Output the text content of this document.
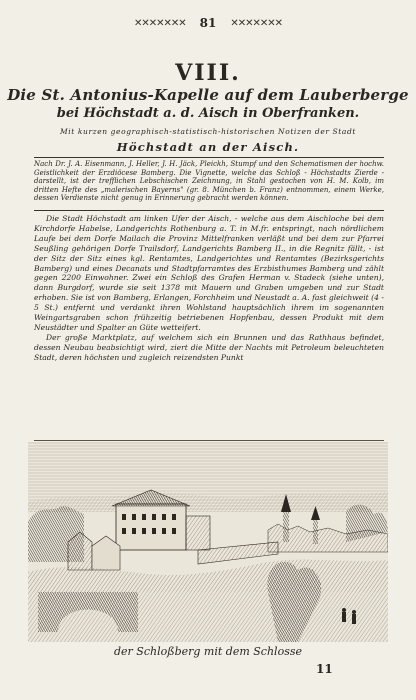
✕✕✕✕✕✕✕ 81 ✕✕✕✕✕✕✕
VIII.
Die St. Antonius-Kapelle auf dem Lauberberge
bei Höchstadt a. d. Aisch in Oberfranken.
Mit kurzen geographisch-statistisch-historischen Notizen der Stadt
Höchstadt an der Aisch.

Nach Dr. J. A. Eisenmann, J. Heller, J. H. Jäck, Pleickh, Stumpf und den Schematismen der hochw. Geistlichkeit der Erzdiöcese Bamberg. Die Vignette, welche das Schloß - Höchstadts Zierde - darstellt, ist der trefflichen Lebschischen Zeichnung, in Stahl gestochen von H. M. Kolb, im dritten Hefte des „malerischen Bayerns" (gr. 8. München b. Franz) entnommen, einem Werke, dessen Verdienste nicht genug in Erinnerung gebracht werden können.

Die Stadt Höchstadt am linken Ufer der Aisch, - welche aus dem Aischloche bei dem Kirchdorfe Habelse, Landgerichts Rothenburg a. T. in M.fr. entspringt, nach nördlichem Laufe bei dem Dorfe Mailach die Provinz Mittelfranken verläßt und bei dem zur Pfarrei Seußling gehörigen Dorfe Trailsdorf, Landgerichts Bamberg II., in die Regnitz fällt, - ist der Sitz der Sitz eines kgl. Rentamtes, Landgerichtes und Rentamtes (Bezirksgerichts Bamberg) und eines Decanats und Stadtpfarramtes des Erzbisthumes Bamberg und zählt gegen 2200 Einwohner. Zwei ein Schloß des Grafen Herman v. Stadeck (siehe unten), dann Burgdorf, wurde sie seit 1378 mit Mauern und Graben umgeben und zur Stadt erhoben. Sie ist von Bamberg, Erlangen, Forchheim und Neustadt a. A. fast gleichweit (4 - 5 St.) entfernt und verdankt ihren Wohlstand hauptsächlich ihrem im sogenannten Weingartsgraben schon frühzeitig betriebenen Hopfenbau, dessen Produkt mit dem Neustädter und Spalter an Güte wetteifert.

Der große Marktplatz, auf welchem sich ein Brunnen und das Rathhaus befindet, dessen Neubau beabsichtigt wird, ziert die Mitte der Nachts mit Petroleum beleuchteten Stadt, deren höchsten und zugleich reizendsten Punkt

der Schloßberg mit dem Schlosse
11
